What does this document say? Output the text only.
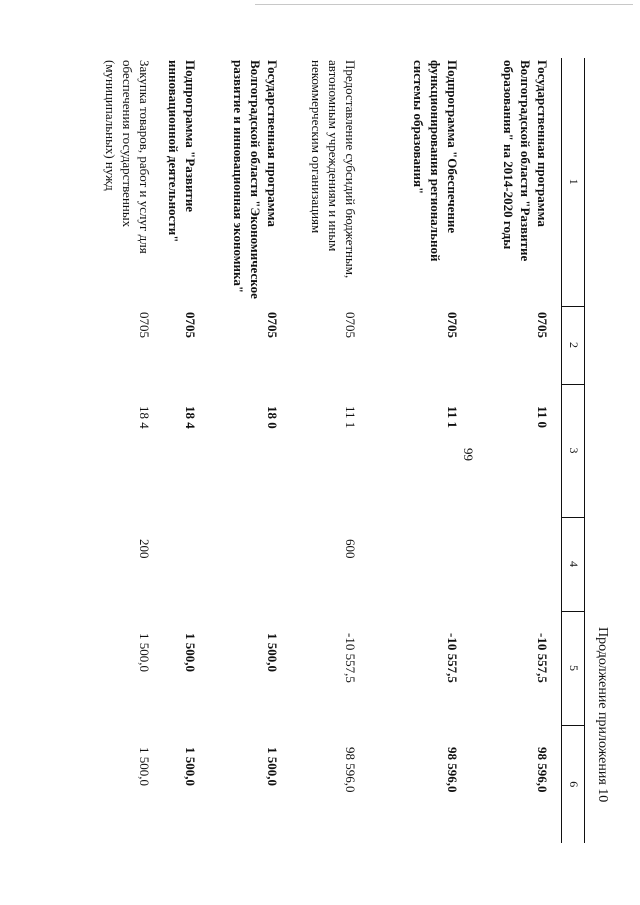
99
Продолжение приложения 10
1	2	3	4	5	6
Государственная программа Волгоградской области "Развитие образования" на 2014-2020 годы	0705	11 0		-10 557,5	98 596,0
Подпрограмма "Обеспечение функционирования региональной системы образования"	0705	11 1		-10 557,5	98 596,0
Предоставление субсидий бюджетным, автономным учреждениям и иным некоммерческим организациям	0705	11 1	600	-10 557,5	98 596,0
Государственная программа Волгоградской области "Экономическое развитие и инновационная экономика"	0705	18 0		1 500,0	1 500,0
Подпрограмма "Развитие инновационной деятельности"	0705	18 4		1 500,0	1 500,0
Закупка товаров, работ и услуг для обеспечения государственных (муниципальных) нужд	0705	18 4	200	1 500,0	1 500,0
